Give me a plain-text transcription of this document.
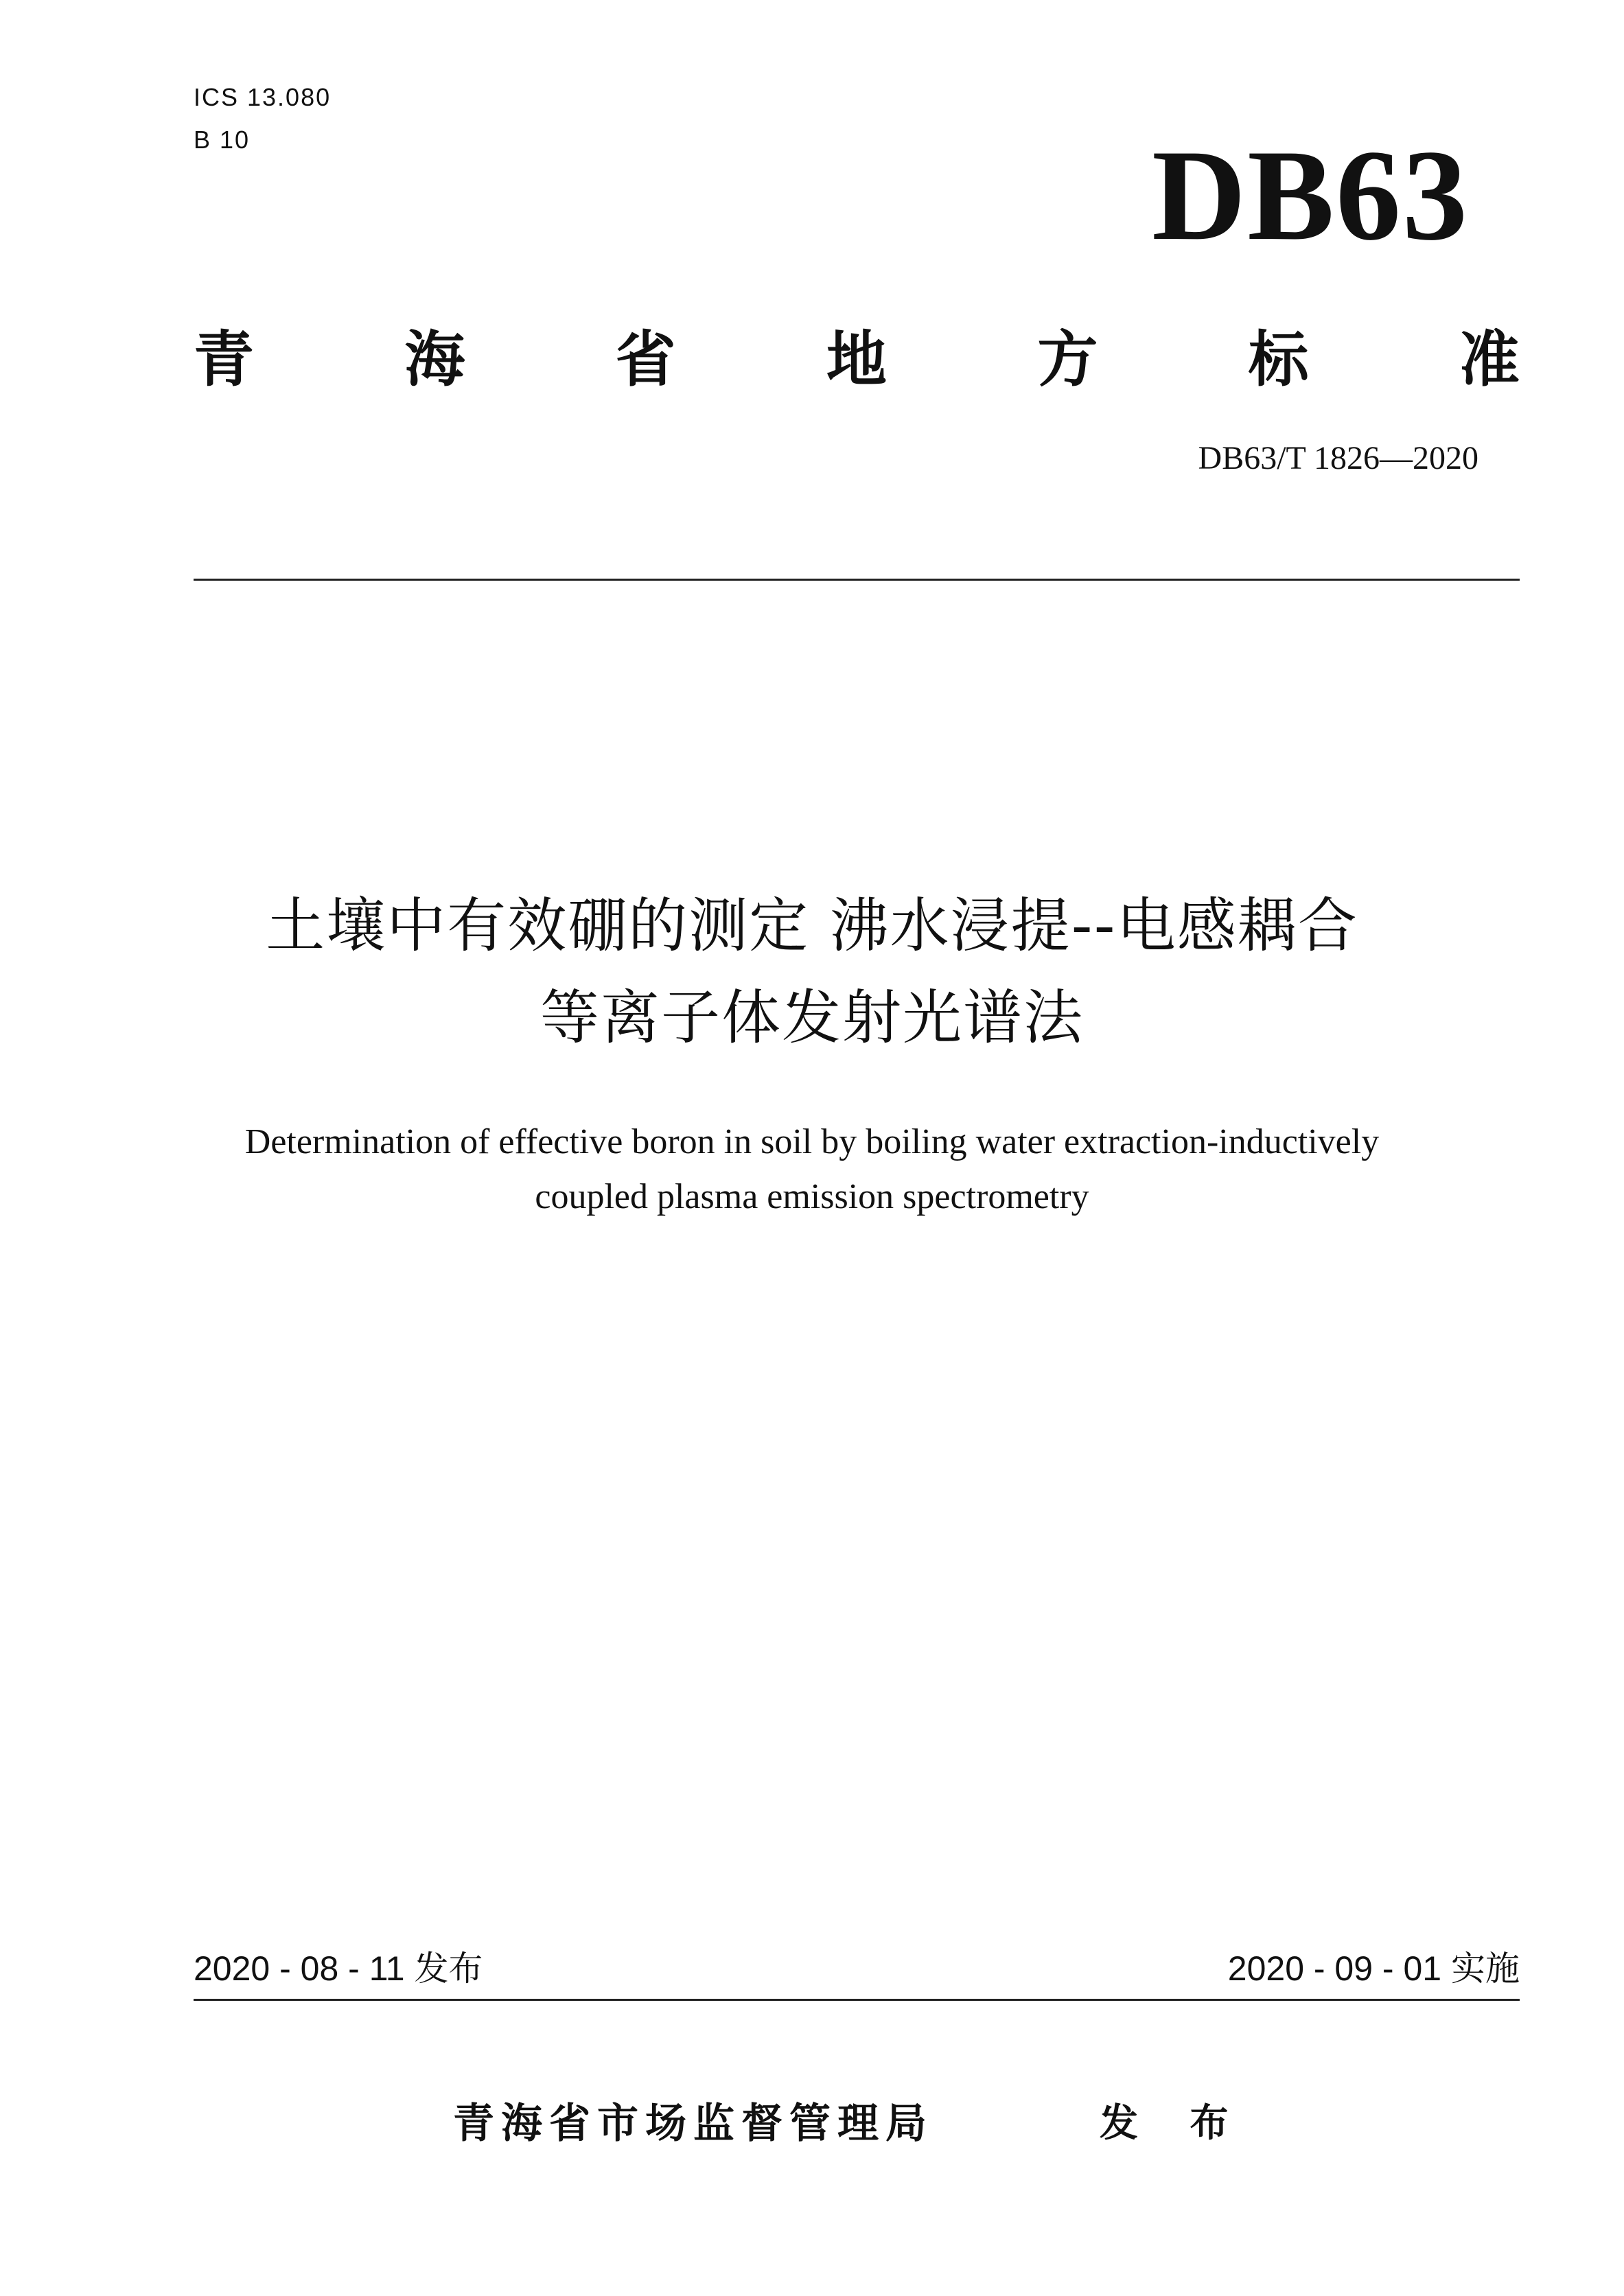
ICS 13.080
B 10	DB63
青 海 省 地 方 标 准
DB63/T 1826—2020
土壤中有效硼的测定 沸水浸提--电感耦合
等离子体发射光谱法
Determination of effective boron in soil by boiling water extraction-inductively
coupled plasma emission spectrometry
2020 - 08 - 11 发布	2020 - 09 - 01 实施
青海省市场监督管理局	发 布
